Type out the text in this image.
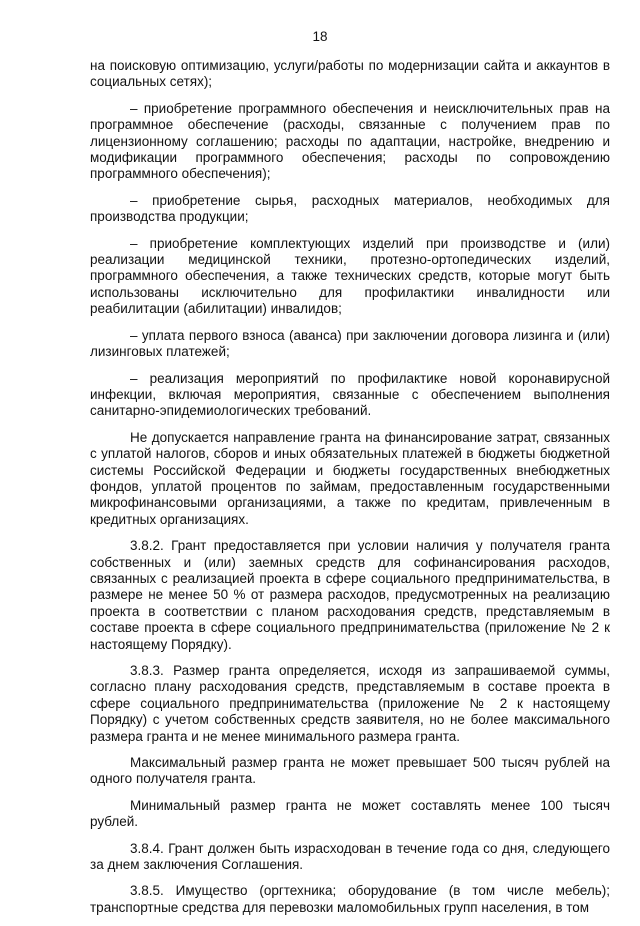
18

на поисковую оптимизацию, услуги/работы по модернизации сайта и аккаунтов в социальных сетях);

– приобретение программного обеспечения и неисключительных прав на программное обеспечение (расходы, связанные с получением прав по лицензионному соглашению; расходы по адаптации, настройке, внедрению и модификации программного обеспечения; расходы по сопровождению программного обеспечения);

– приобретение сырья, расходных материалов, необходимых для производства продукции;

– приобретение комплектующих изделий при производстве и (или) реализации медицинской техники, протезно-ортопедических изделий, программного обеспечения, а также технических средств, которые могут быть использованы исключительно для профилактики инвалидности или реабилитации (абилитации) инвалидов;

– уплата первого взноса (аванса) при заключении договора лизинга и (или) лизинговых платежей;

– реализация мероприятий по профилактике новой коронавирусной инфекции, включая мероприятия, связанные с обеспечением выполнения санитарно-эпидемиологических требований.

Не допускается направление гранта на финансирование затрат, связанных с уплатой налогов, сборов и иных обязательных платежей в бюджеты бюджетной системы Российской Федерации и бюджеты государственных внебюджетных фондов, уплатой процентов по займам, предоставленным государственными микрофинансовыми организациями, а также по кредитам, привлеченным в кредитных организациях.

3.8.2. Грант предоставляется при условии наличия у получателя гранта собственных и (или) заемных средств для софинансирования расходов, связанных с реализацией проекта в сфере социального предпринимательства, в размере не менее 50 % от размера расходов, предусмотренных на реализацию проекта в соответствии с планом расходования средств, представляемым в составе проекта в сфере социального предпринимательства (приложение № 2 к настоящему Порядку).

3.8.3. Размер гранта определяется, исходя из запрашиваемой суммы, согласно плану расходования средств, представляемым в составе проекта в сфере социального предпринимательства (приложение № 2 к настоящему Порядку) с учетом собственных средств заявителя, но не более максимального размера гранта и не менее минимального размера гранта.

Максимальный размер гранта не может превышает 500 тысяч рублей на одного получателя гранта.

Минимальный размер гранта не может составлять менее 100 тысяч рублей.

3.8.4. Грант должен быть израсходован в течение года со дня, следующего за днем заключения Соглашения.

3.8.5. Имущество (оргтехника; оборудование (в том числе мебель); транспортные средства для перевозки маломобильных групп населения, в том
